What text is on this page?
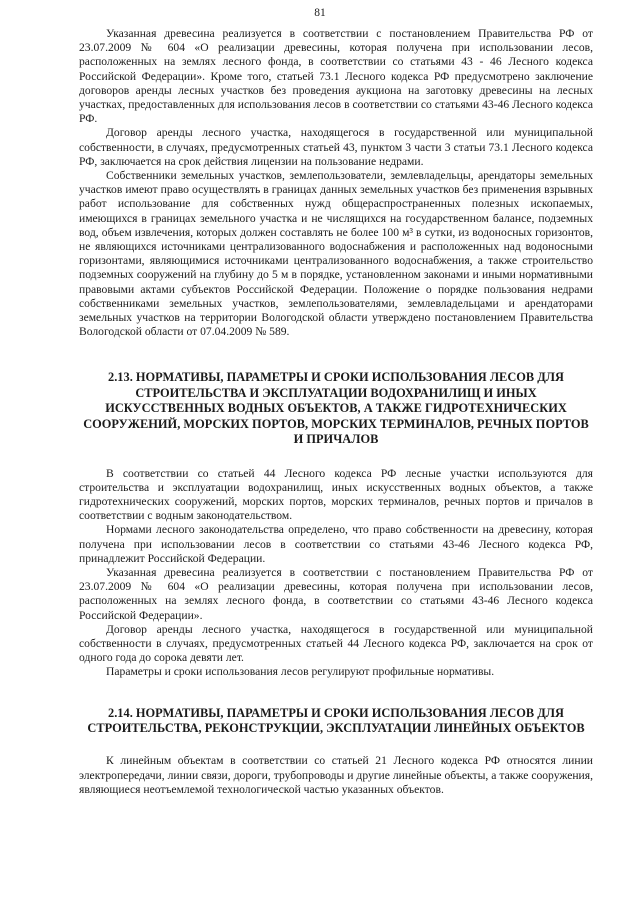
81

Указанная древесина реализуется в соответствии с постановлением Правительства РФ от 23.07.2009 № 604 «О реализации древесины, которая получена при использовании лесов, расположенных на землях лесного фонда, в соответствии со статьями 43 - 46 Лесного кодекса Российской Федерации». Кроме того, статьей 73.1 Лесного кодекса РФ предусмотрено заключение договоров аренды лесных участков без проведения аукциона на заготовку древесины на лесных участках, предоставленных для использования лесов в соответствии со статьями 43-46 Лесного кодекса РФ.

Договор аренды лесного участка, находящегося в государственной или муниципальной собственности, в случаях, предусмотренных статьей 43, пунктом 3 части 3 статьи 73.1 Лесного кодекса РФ, заключается на срок действия лицензии на пользование недрами.

Собственники земельных участков, землепользователи, землевладельцы, арендаторы земельных участков имеют право осуществлять в границах данных земельных участков без применения взрывных работ использование для собственных нужд общераспространенных полезных ископаемых, имеющихся в границах земельного участка и не числящихся на государственном балансе, подземных вод, объем извлечения, которых должен составлять не более 100 м³ в сутки, из водоносных горизонтов, не являющихся источниками централизованного водоснабжения и расположенных над водоносными горизонтами, являющимися источниками централизованного водоснабжения, а также строительство подземных сооружений на глубину до 5 м в порядке, установленном законами и иными нормативными правовыми актами субъектов Российской Федерации. Положение о порядке пользования недрами собственниками земельных участков, землепользователями, землевладельцами и арендаторами земельных участков на территории Вологодской области утверждено постановлением Правительства Вологодской области от 07.04.2009 № 589.

2.13. НОРМАТИВЫ, ПАРАМЕТРЫ И СРОКИ ИСПОЛЬЗОВАНИЯ ЛЕСОВ ДЛЯ СТРОИТЕЛЬСТВА И ЭКСПЛУАТАЦИИ ВОДОХРАНИЛИЩ И ИНЫХ ИСКУССТВЕННЫХ ВОДНЫХ ОБЪЕКТОВ, А ТАКЖЕ ГИДРОТЕХНИЧЕСКИХ СООРУЖЕНИЙ, МОРСКИХ ПОРТОВ, МОРСКИХ ТЕРМИНАЛОВ, РЕЧНЫХ ПОРТОВ И ПРИЧАЛОВ

В соответствии со статьей 44 Лесного кодекса РФ лесные участки используются для строительства и эксплуатации водохранилищ, иных искусственных водных объектов, а также гидротехнических сооружений, морских портов, морских терминалов, речных портов и причалов в соответствии с водным законодательством.

Нормами лесного законодательства определено, что право собственности на древесину, которая получена при использовании лесов в соответствии со статьями 43-46 Лесного кодекса РФ, принадлежит Российской Федерации.

Указанная древесина реализуется в соответствии с постановлением Правительства РФ от 23.07.2009 № 604 «О реализации древесины, которая получена при использовании лесов, расположенных на землях лесного фонда, в соответствии со статьями 43-46 Лесного кодекса Российской Федерации».

Договор аренды лесного участка, находящегося в государственной или муниципальной собственности в случаях, предусмотренных статьей 44 Лесного кодекса РФ, заключается на срок от одного года до сорока девяти лет.

Параметры и сроки использования лесов регулируют профильные нормативы.

2.14. НОРМАТИВЫ, ПАРАМЕТРЫ И СРОКИ ИСПОЛЬЗОВАНИЯ ЛЕСОВ ДЛЯ СТРОИТЕЛЬСТВА, РЕКОНСТРУКЦИИ, ЭКСПЛУАТАЦИИ ЛИНЕЙНЫХ ОБЪЕКТОВ

К линейным объектам в соответствии со статьей 21 Лесного кодекса РФ относятся линии электропередачи, линии связи, дороги, трубопроводы и другие линейные объекты, а также сооружения, являющиеся неотъемлемой технологической частью указанных объектов.
